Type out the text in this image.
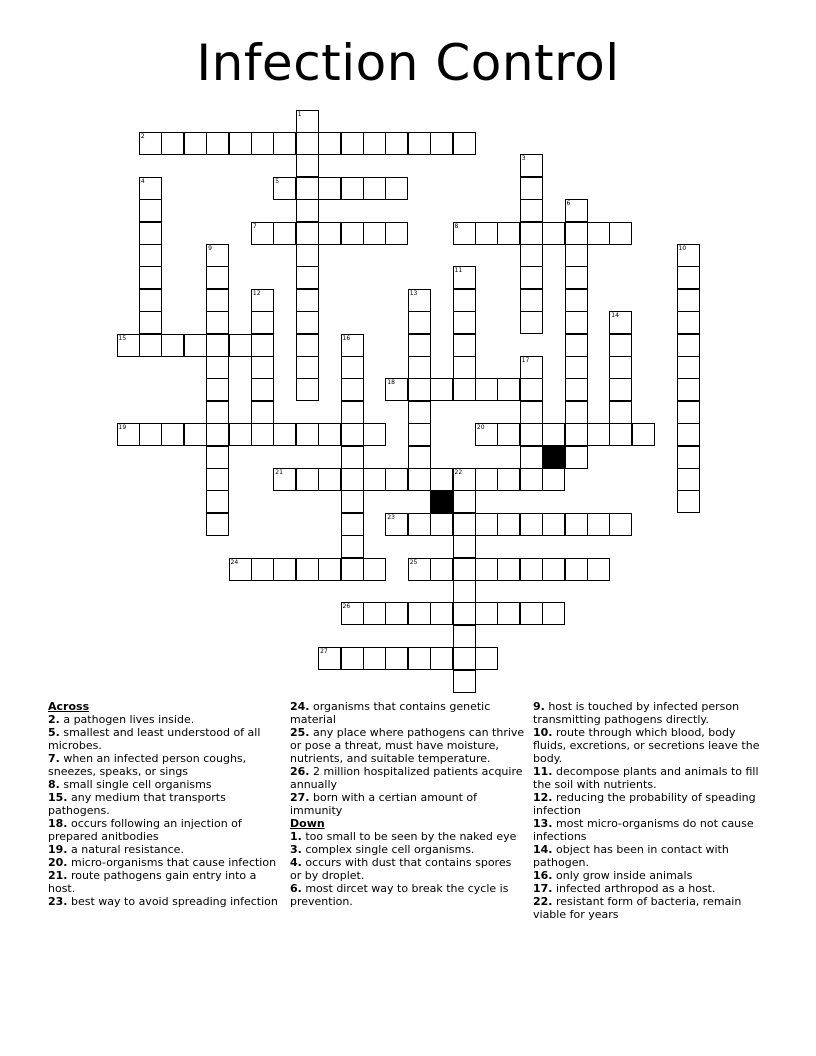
Infection Control
1
2
3
4	5
6
7	8
9	10
11
12	13
14
15	16
17
18
19	20
21	22
23
24	25
26
27
Across
2. a pathogen lives inside.
5. smallest and least understood of all microbes.
7. when an infected person coughs, sneezes, speaks, or sings
8. small single cell organisms
15. any medium that transports pathogens.
18. occurs following an injection of prepared anitbodies
19. a natural resistance.
20. micro-organisms that cause infection
21. route pathogens gain entry into a host.
23. best way to avoid spreading infection
24. organisms that contains genetic material
25. any place where pathogens can thrive or pose a threat, must have moisture, nutrients, and suitable temperature.
26. 2 million hospitalized patients acquire annually
27. born with a certian amount of immunity
Down
1. too small to be seen by the naked eye
3. complex single cell organisms.
4. occurs with dust that contains spores or by droplet.
6. most dircet way to break the cycle is prevention.
9. host is touched by infected person transmitting pathogens directly.
10. route through which blood, body fluids, excretions, or secretions leave the body.
11. decompose plants and animals to fill the soil with nutrients.
12. reducing the probability of speading infection
13. most micro-organisms do not cause infections
14. object has been in contact with pathogen.
16. only grow inside animals
17. infected arthropod as a host.
22. resistant form of bacteria, remain viable for years
